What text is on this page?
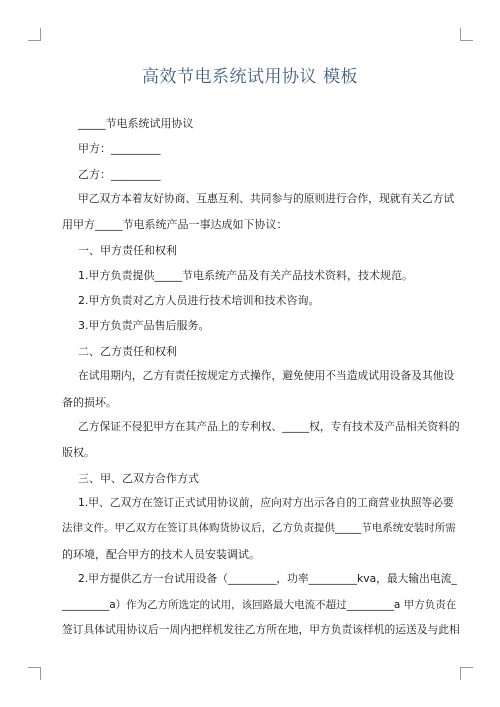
高效节电系统试用协议 模板
_____节电系统试用协议
甲方：_________
乙方：_________
甲乙双方本着友好协商、互惠互利、共同参与的原则进行合作，现就有关乙方试
用甲方_____节电系统产品一事达成如下协议：
一、甲方责任和权利
1.甲方负责提供_____节电系统产品及有关产品技术资料，技术规范。
2.甲方负责对乙方人员进行技术培训和技术咨询。
3.甲方负责产品售后服务。
二、乙方责任和权利
在试用期内，乙方有责任按规定方式操作，避免使用不当造成试用设备及其他设
备的损坏。
乙方保证不侵犯甲方在其产品上的专利权、_____权，专有技术及产品相关资料的
版权。
三、甲、乙双方合作方式
1.甲、乙双方在签订正式试用协议前，应向对方出示各自的工商营业执照等必要
法律文件。甲乙双方在签订具体购货协议后，乙方负责提供_____节电系统安装时所需
的环境，配合甲方的技术人员安装调试。
2.甲方提供乙方一台试用设备（_________，功率_________kva，最大输出电流_
_________a）作为乙方所选定的试用，该回路最大电流不超过_________a 甲方负责在
签订具体试用协议后一周内把样机发往乙方所在地，甲方负责该样机的运送及与此相
